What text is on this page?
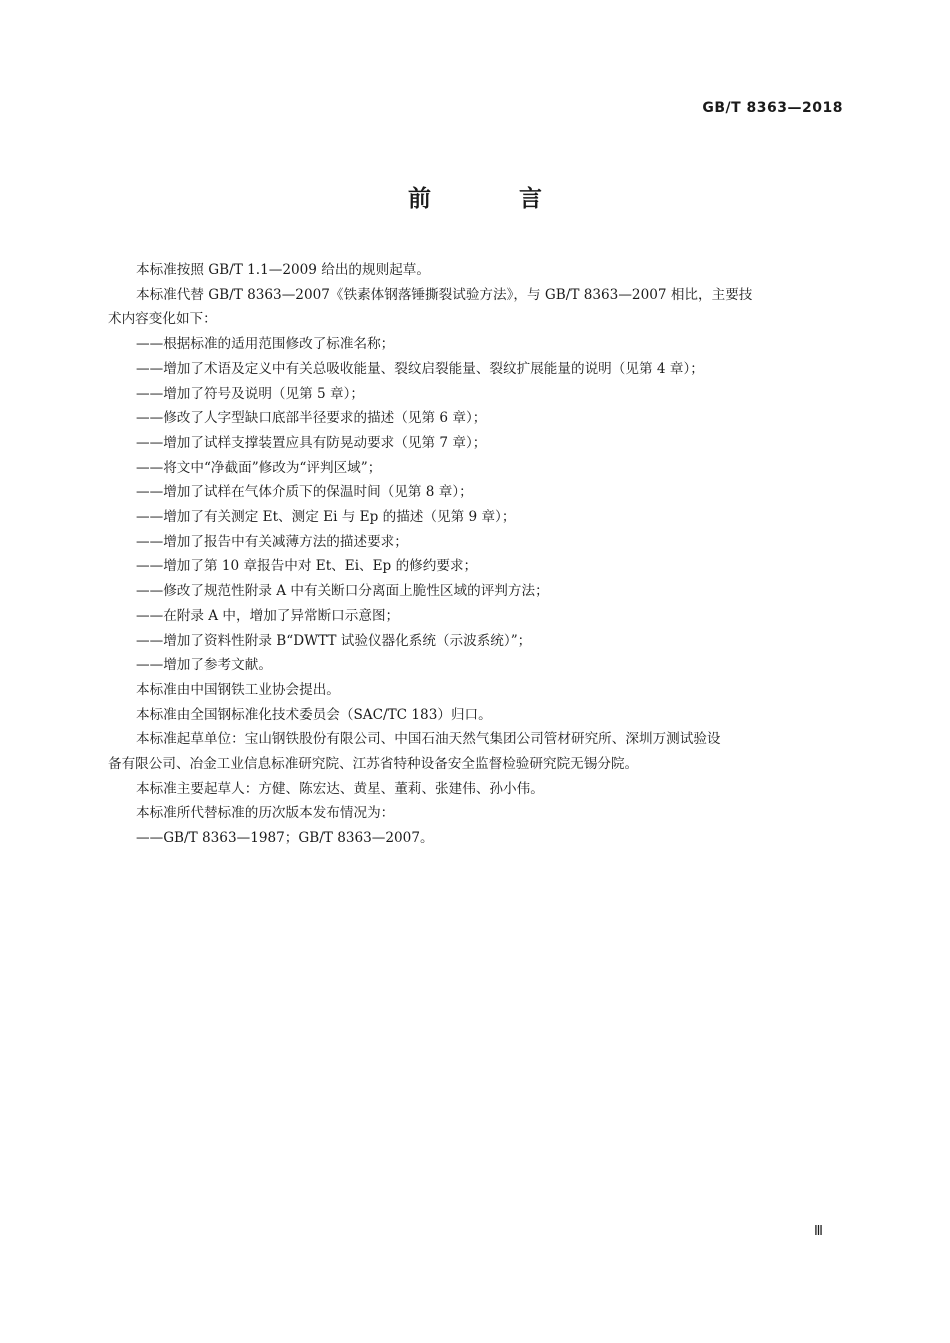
GB/T 8363—2018
前 言
本标准按照 GB/T 1.1—2009 给出的规则起草。
本标准代替 GB/T 8363—2007《铁素体钢落锤撕裂试验方法》，与 GB/T 8363—2007 相比，主要技
术内容变化如下：
——根据标准的适用范围修改了标准名称；
——增加了术语及定义中有关总吸收能量、裂纹启裂能量、裂纹扩展能量的说明（见第 4 章）；
——增加了符号及说明（见第 5 章）；
——修改了人字型缺口底部半径要求的描述（见第 6 章）；
——增加了试样支撑装置应具有防晃动要求（见第 7 章）；
——将文中“净截面”修改为“评判区域”；
——增加了试样在气体介质下的保温时间（见第 8 章）；
——增加了有关测定 Et、测定 Ei 与 Ep 的描述（见第 9 章）；
——增加了报告中有关减薄方法的描述要求；
——增加了第 10 章报告中对 Et、Ei、Ep 的修约要求；
——修改了规范性附录 A 中有关断口分离面上脆性区域的评判方法；
——在附录 A 中，增加了异常断口示意图；
——增加了资料性附录 B“DWTT 试验仪器化系统（示波系统）”；
——增加了参考文献。
本标准由中国钢铁工业协会提出。
本标准由全国钢标准化技术委员会（SAC/TC 183）归口。
本标准起草单位：宝山钢铁股份有限公司、中国石油天然气集团公司管材研究所、深圳万测试验设
备有限公司、冶金工业信息标准研究院、江苏省特种设备安全监督检验研究院无锡分院。
本标准主要起草人：方健、陈宏达、黄星、董莉、张建伟、孙小伟。
本标准所代替标准的历次版本发布情况为：
——GB/T 8363—1987；GB/T 8363—2007。
Ⅲ
